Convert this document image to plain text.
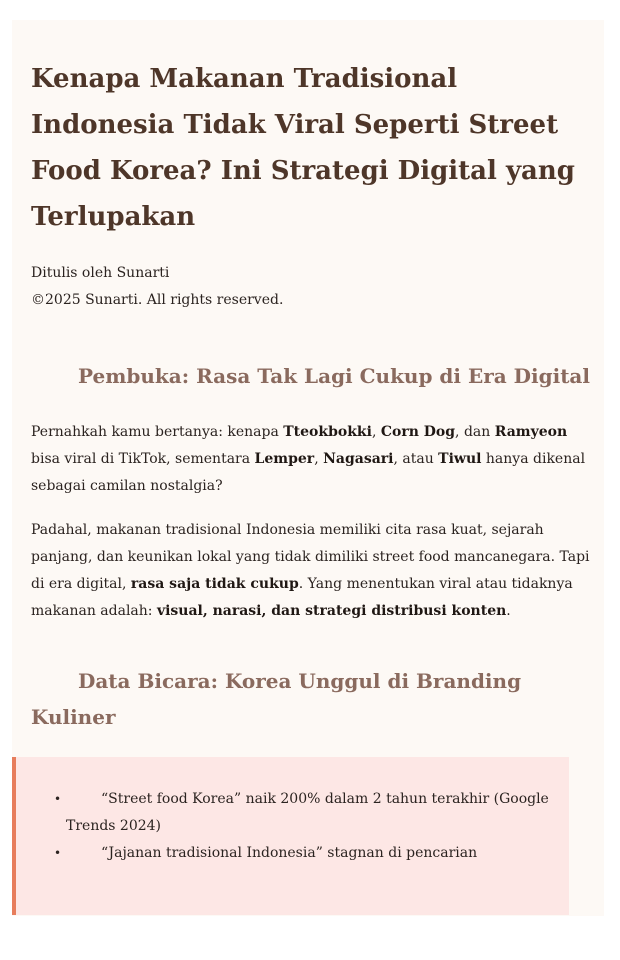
Kenapa Makanan Tradisional Indonesia Tidak Viral Seperti Street Food Korea? Ini Strategi Digital yang Terlupakan
Ditulis oleh Sunarti
©2025 Sunarti. All rights reserved.
Pembuka: Rasa Tak Lagi Cukup di Era Digital

Pernahkah kamu bertanya: kenapa Tteokbokki, Corn Dog, dan Ramyeon bisa viral di TikTok, sementara Lemper, Nagasari, atau Tiwul hanya dikenal sebagai camilan nostalgia?

Padahal, makanan tradisional Indonesia memiliki cita rasa kuat, sejarah panjang, dan keunikan lokal yang tidak dimiliki street food mancanegara. Tapi di era digital, rasa saja tidak cukup. Yang menentukan viral atau tidaknya makanan adalah: visual, narasi, dan strategi distribusi konten.

Data Bicara: Korea Unggul di Branding Kuliner
•	“Street food Korea” naik 200% dalam 2 tahun terakhir (Google Trends 2024)
•	“Jajanan tradisional Indonesia” stagnan di pencarian
